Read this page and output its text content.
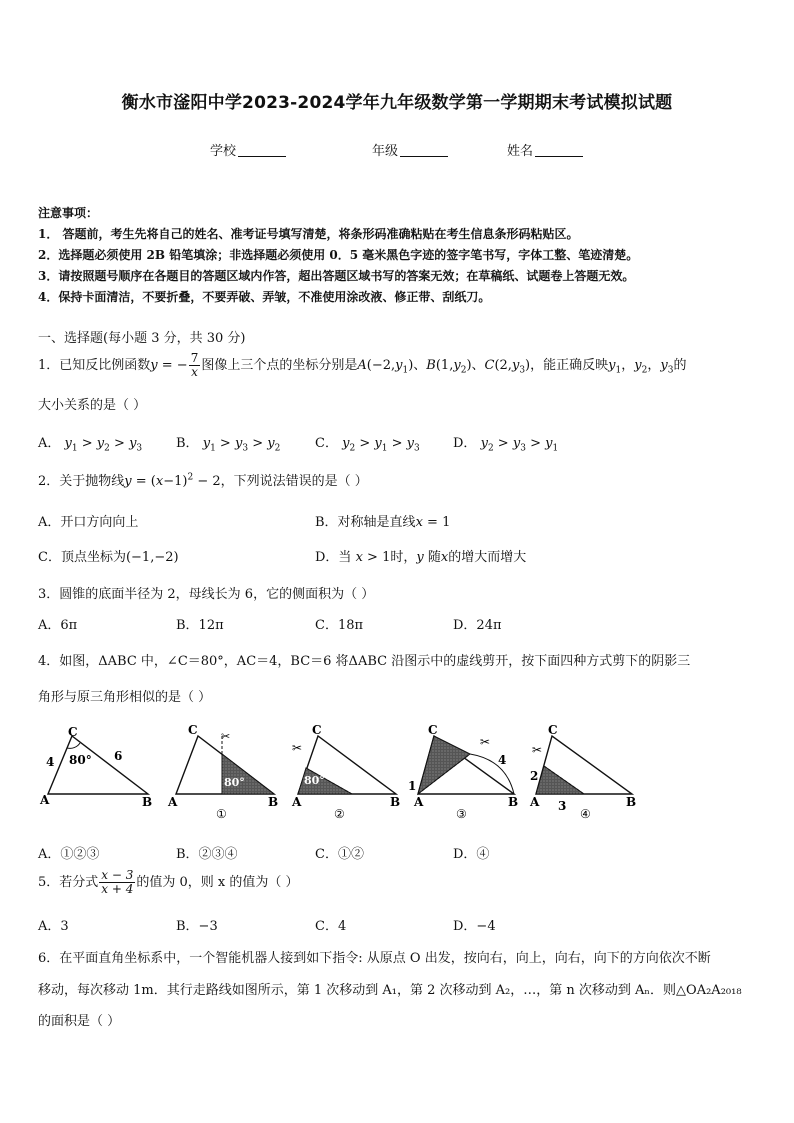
衡水市滏阳中学2023-2024学年九年级数学第一学期期末考试模拟试题
学校	年级	姓名
注意事项：
1． 答题前，考生先将自己的姓名、准考证号填写清楚，将条形码准确粘贴在考生信息条形码粘贴区。
2．选择题必须使用 2B 铅笔填涂；非选择题必须使用 0．5 毫米黑色字迹的签字笔书写，字体工整、笔迹清楚。
3．请按照题号顺序在各题目的答题区域内作答，超出答题区域书写的答案无效；在草稿纸、试题卷上答题无效。
4．保持卡面清洁，不要折叠，不要弄破、弄皱，不准使用涂改液、修正带、刮纸刀。
一、选择题(每小题 3 分，共 30 分)
1．已知反比例函数y = − $\frac{7}{x}$ 图像上三个点的坐标分别是$A(-2,y_1)$、$B(1,y_2)$、$C(2,y_3)$，能正确反映$y_1$，$y_2$，$y_3$的
大小关系的是（ ）
A． $y_1 > y_2 > y_3$	B． $y_1 > y_3 > y_2$	C． $y_2 > y_1 > y_3$	D． $y_2 > y_3 > y_1$
2．关于抛物线$y = (x-1)^2 - 2$，下列说法错误的是（ ）
A．开口方向向上	B．对称轴是直线x = 1
C．顶点坐标为(−1,−2)	D．当 x > 1时，y 随x的增大而增大
3．圆锥的底面半径为 2，母线长为 6，它的侧面积为（ ）
A．6π	B．12π	C．18π	D．24π
4．如图，ΔABC 中，∠C＝80°，AC＝4，BC＝6 将ΔABC 沿图示中的虚线剪开，按下面四种方式剪下的阴影三
角形与原三角形相似的是（ ）
C
A	B
4	6
80°
80°
C
A	B
✂
①
80°
C
A	B
✂
②
C
A	B
1
4
✂
③
C
A	B
2
3
✂
④
A．①②③	B．②③④	C．①②	D．④
5．若分式 $\frac{x - 3}{x + 4}$ 的值为 0，则 x 的值为（ ）
A．3	B．−3	C．4	D．−4
6．在平面直角坐标系中，一个智能机器人接到如下指令: 从原点 O 出发，按向右，向上，向右，向下的方向依次不断
移动，每次移动 1m．其行走路线如图所示，第 1 次移动到 A₁，第 2 次移动到 A₂，…，第 n 次移动到 Aₙ．则△OA₂A₂₀₁₈
的面积是（ ）
